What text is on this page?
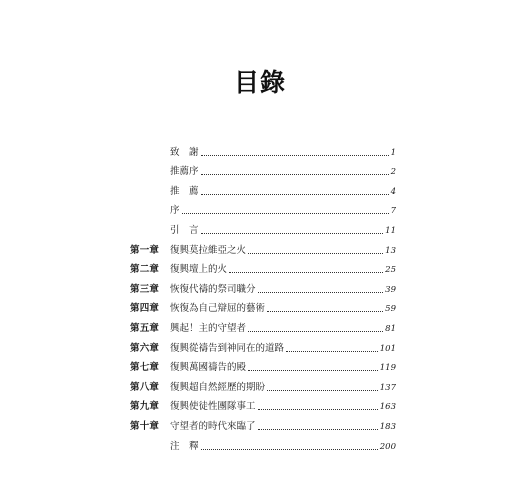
目錄
致　謝	1
推薦序	2
推　薦	4
序	7
引　言	11
第一章	復興莫拉維亞之火	13
第二章	復興壇上的火	25
第三章	恢復代禱的祭司職分	39
第四章	恢復為自己辯屈的藝術	59
第五章	興起！主的守望者	81
第六章	復興從禱告到神同在的道路	101
第七章	復興萬國禱告的殿	119
第八章	復興超自然經歷的期盼	137
第九章	復興使徒性團隊事工	163
第十章	守望者的時代來臨了	183
注　釋	200
